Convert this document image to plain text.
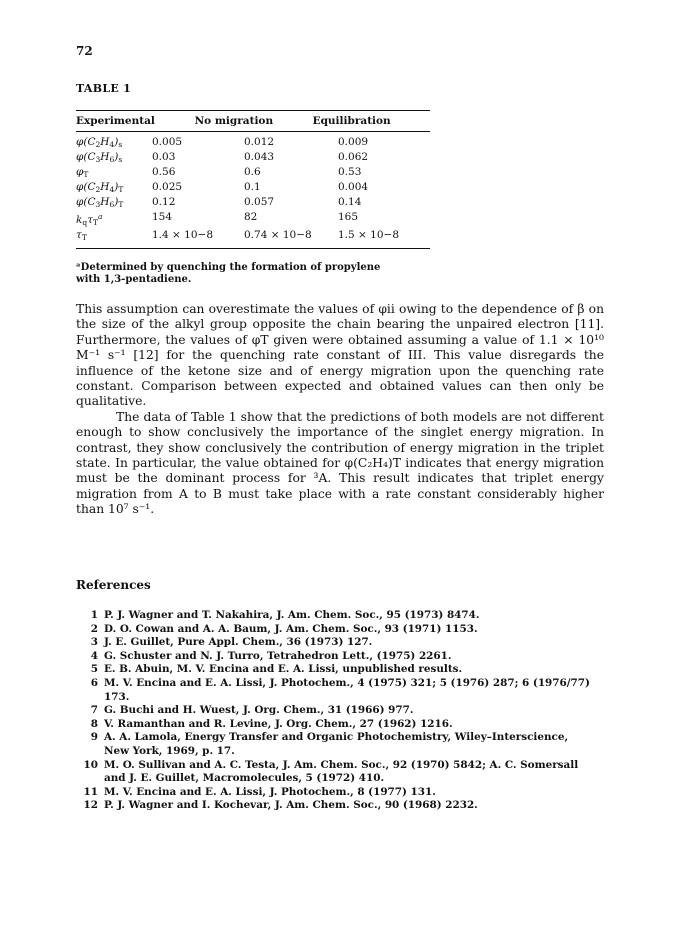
72
TABLE 1
	Experimental	No migration	Equilibration
$\varphi(C_2H_4)_s$	0.005	0.012	0.009
$\varphi(C_3H_6)_s$	0.03	0.043	0.062
$\varphi_T$	0.56	0.6	0.53
$\varphi(C_2H_4)_T$	0.025	0.1	0.004
$\varphi(C_3H_6)_T$	0.12	0.057	0.14
$k_q\tau_T^a$	154	82	165
$\tau_T$	1.4 × 10−8	0.74 × 10−8	1.5 × 10−8
ᵃDetermined by quenching the formation of propylene with 1,3-pentadiene.

This assumption can overestimate the values of φii owing to the dependence of β on the size of the alkyl group opposite the chain bearing the unpaired electron [11]. Furthermore, the values of φT given were obtained assuming a value of 1.1 × 10¹⁰ M⁻¹ s⁻¹ [12] for the quenching rate constant of III. This value disregards the influence of the ketone size and of energy migration upon the quenching rate constant. Comparison between expected and obtained values can then only be qualitative.

The data of Table 1 show that the predictions of both models are not different enough to show conclusively the importance of the singlet energy migration. In contrast, they show conclusively the contribution of energy migration in the triplet state. In particular, the value obtained for φ(C₂H₄)T indicates that energy migration must be the dominant process for ³A. This result indicates that triplet energy migration from A to B must take place with a rate constant considerably higher than 10⁷ s⁻¹.

References
1 P. J. Wagner and T. Nakahira, J. Am. Chem. Soc., 95 (1973) 8474.
2 D. O. Cowan and A. A. Baum, J. Am. Chem. Soc., 93 (1971) 1153.
3 J. E. Guillet, Pure Appl. Chem., 36 (1973) 127.
4 G. Schuster and N. J. Turro, Tetrahedron Lett., (1975) 2261.
5 E. B. Abuin, M. V. Encina and E. A. Lissi, unpublished results.
6 M. V. Encina and E. A. Lissi, J. Photochem., 4 (1975) 321; 5 (1976) 287; 6 (1976/77) 173.
7 G. Buchi and H. Wuest, J. Org. Chem., 31 (1966) 977.
8 V. Ramanthan and R. Levine, J. Org. Chem., 27 (1962) 1216.
9 A. A. Lamola, Energy Transfer and Organic Photochemistry, Wiley–Interscience, New York, 1969, p. 17.
10 M. O. Sullivan and A. C. Testa, J. Am. Chem. Soc., 92 (1970) 5842; A. C. Somersall and J. E. Guillet, Macromolecules, 5 (1972) 410.
11 M. V. Encina and E. A. Lissi, J. Photochem., 8 (1977) 131.
12 P. J. Wagner and I. Kochevar, J. Am. Chem. Soc., 90 (1968) 2232.
